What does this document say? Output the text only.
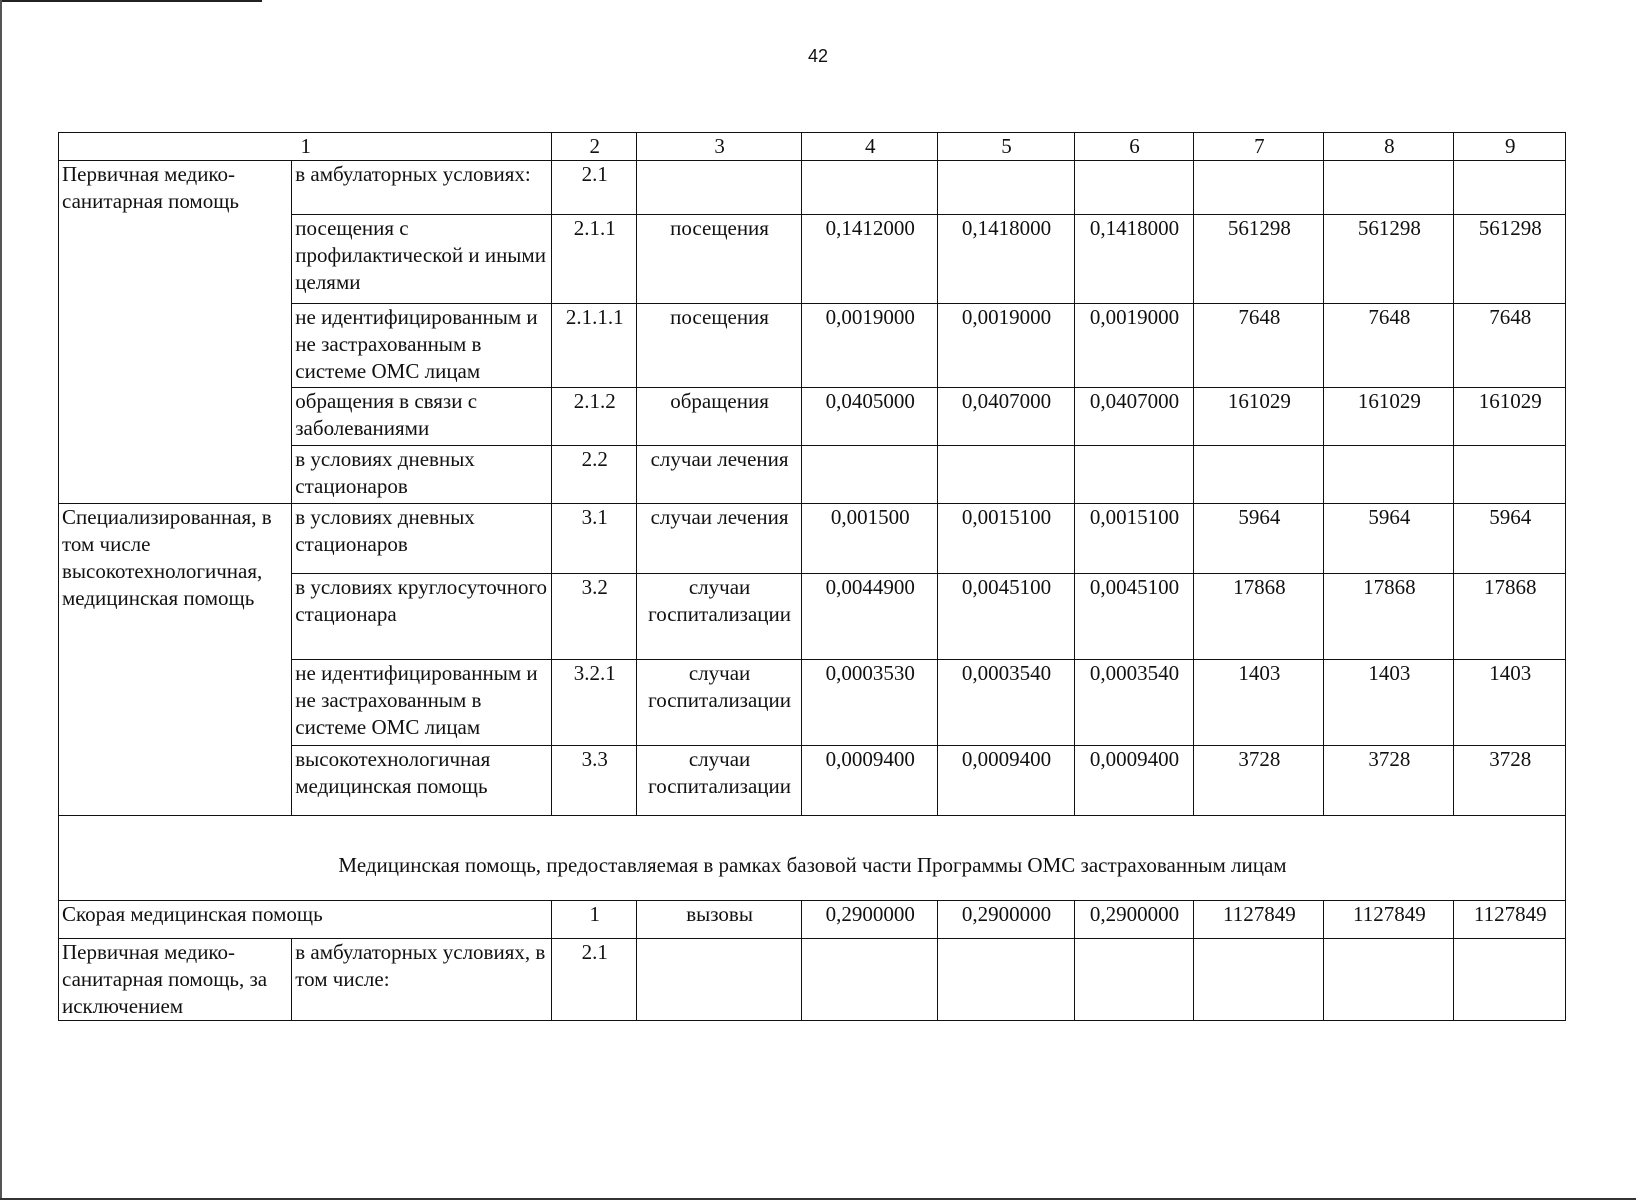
42
1		2	3	4	5	6	7	8	9
Первичная медико-санитарная помощь	в амбулаторных условиях:	2.1							
	посещения с профилактической и иными целями	2.1.1	посещения	0,1412000	0,1418000	0,1418000	561298	561298	561298
	не идентифицированным и не застрахованным в системе ОМС лицам	2.1.1.1	посещения	0,0019000	0,0019000	0,0019000	7648	7648	7648
	обращения в связи с заболеваниями	2.1.2	обращения	0,0405000	0,0407000	0,0407000	161029	161029	161029
	в условиях дневных стационаров	2.2	случаи лечения						
Специализированная, в том числе высокотехнологичная, медицинская помощь	в условиях дневных стационаров	3.1	случаи лечения	0,001500	0,0015100	0,0015100	5964	5964	5964
	в условиях круглосуточного стационара	3.2	случаи госпитализации	0,0044900	0,0045100	0,0045100	17868	17868	17868
	не идентифицированным и не застрахованным в системе ОМС лицам	3.2.1	случаи госпитализации	0,0003530	0,0003540	0,0003540	1403	1403	1403
	высокотехнологичная медицинская помощь	3.3	случаи госпитализации	0,0009400	0,0009400	0,0009400	3728	3728	3728
Медицинская помощь, предоставляемая в рамках базовой части Программы ОМС застрахованным лицам									
Скорая медицинская помощь		1	вызовы	0,2900000	0,2900000	0,2900000	1127849	1127849	1127849
Первичная медико-санитарная помощь, за исключением	в амбулаторных условиях, в том числе:	2.1							
